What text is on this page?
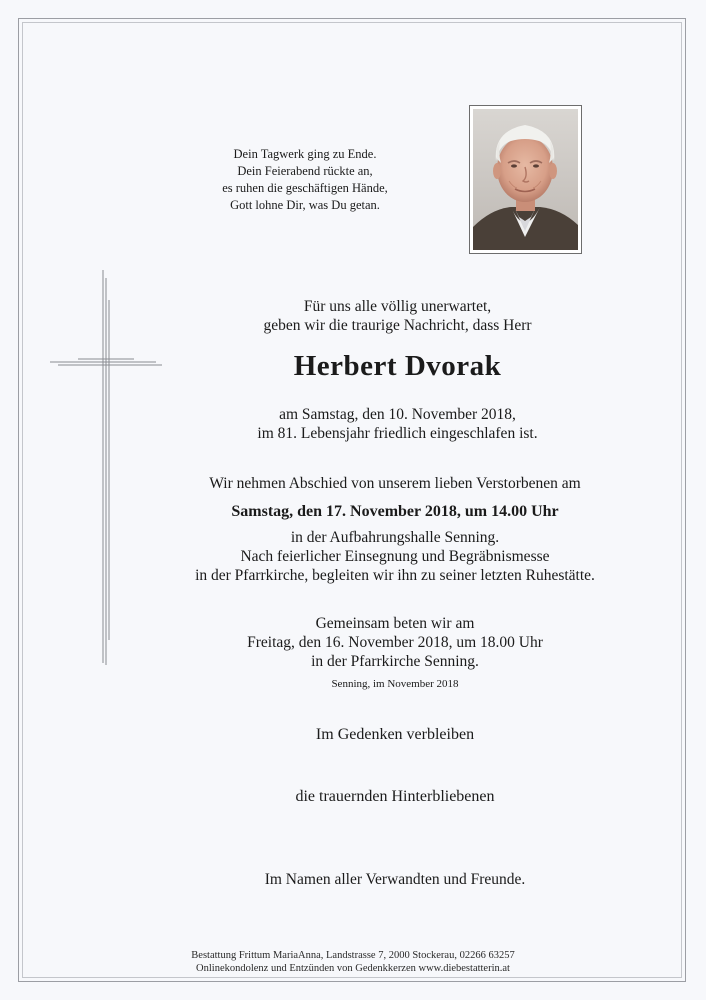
Dein Tagwerk ging zu Ende.
Dein Feierabend rückte an,
es ruhen die geschäftigen Hände,
Gott lohne Dir, was Du getan.
Für uns alle völlig unerwartet,
geben wir die traurige Nachricht, dass Herr
Herbert Dvorak
am Samstag, den 10. November 2018,
im 81. Lebensjahr friedlich eingeschlafen ist.
Wir nehmen Abschied von unserem lieben Verstorbenen am
Samstag, den 17. November 2018, um 14.00 Uhr
in der Aufbahrungshalle Senning.
Nach feierlicher Einsegnung und Begräbnismesse
in der Pfarrkirche, begleiten wir ihn zu seiner letzten Ruhestätte.
Gemeinsam beten wir am
Freitag, den 16. November 2018, um 18.00 Uhr
in der Pfarrkirche Senning.
Senning, im November 2018
Im Gedenken verbleiben
die trauernden Hinterbliebenen
Im Namen aller Verwandten und Freunde.
Bestattung Frittum MariaAnna, Landstrasse 7, 2000 Stockerau, 02266 63257
Onlinekondolenz und Entzünden von Gedenkkerzen www.diebestatterin.at
